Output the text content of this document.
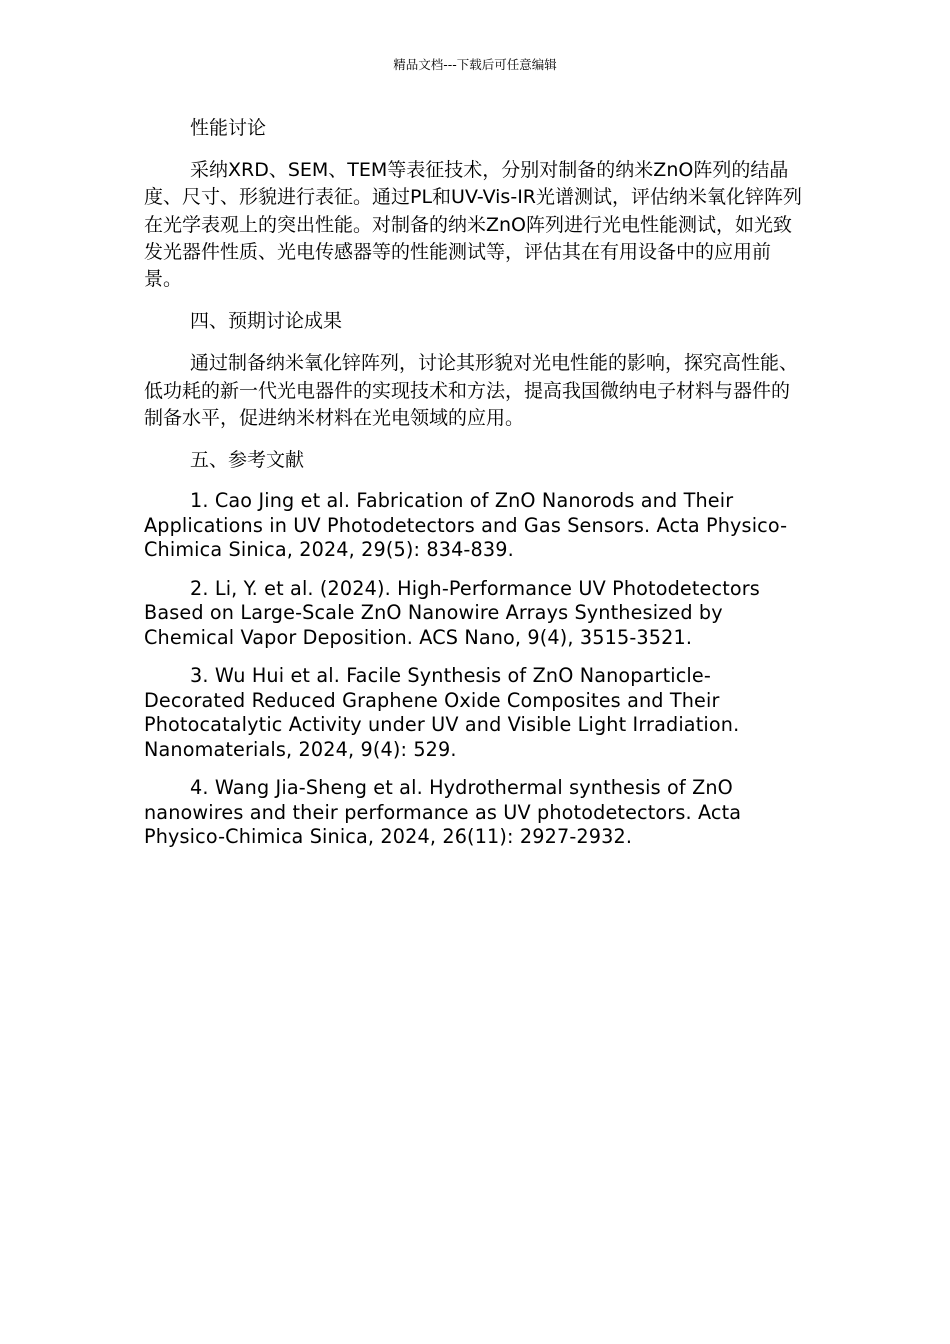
精品文档---下载后可任意编辑
性能讨论
采纳XRD、SEM、TEM等表征技术，分别对制备的纳米ZnO阵列的结晶度、尺寸、形貌进行表征。通过PL和UV-Vis-IR光谱测试，评估纳米氧化锌阵列在光学表观上的突出性能。对制备的纳米ZnO阵列进行光电性能测试，如光致发光器件性质、光电传感器等的性能测试等，评估其在有用设备中的应用前景。
四、预期讨论成果
通过制备纳米氧化锌阵列，讨论其形貌对光电性能的影响，探究高性能、低功耗的新一代光电器件的实现技术和方法，提高我国微纳电子材料与器件的制备水平，促进纳米材料在光电领域的应用。
五、参考文献
1. Cao Jing et al. Fabrication of ZnO Nanorods and Their Applications in UV Photodetectors and Gas Sensors. Acta Physico-Chimica Sinica, 2024, 29(5): 834-839.
2. Li, Y. et al. (2024). High-Performance UV Photodetectors Based on Large-Scale ZnO Nanowire Arrays Synthesized by Chemical Vapor Deposition. ACS Nano, 9(4), 3515-3521.
3. Wu Hui et al. Facile Synthesis of ZnO Nanoparticle-Decorated Reduced Graphene Oxide Composites and Their Photocatalytic Activity under UV and Visible Light Irradiation. Nanomaterials, 2024, 9(4): 529.
4. Wang Jia-Sheng et al. Hydrothermal synthesis of ZnO nanowires and their performance as UV photodetectors. Acta Physico-Chimica Sinica, 2024, 26(11): 2927-2932.
